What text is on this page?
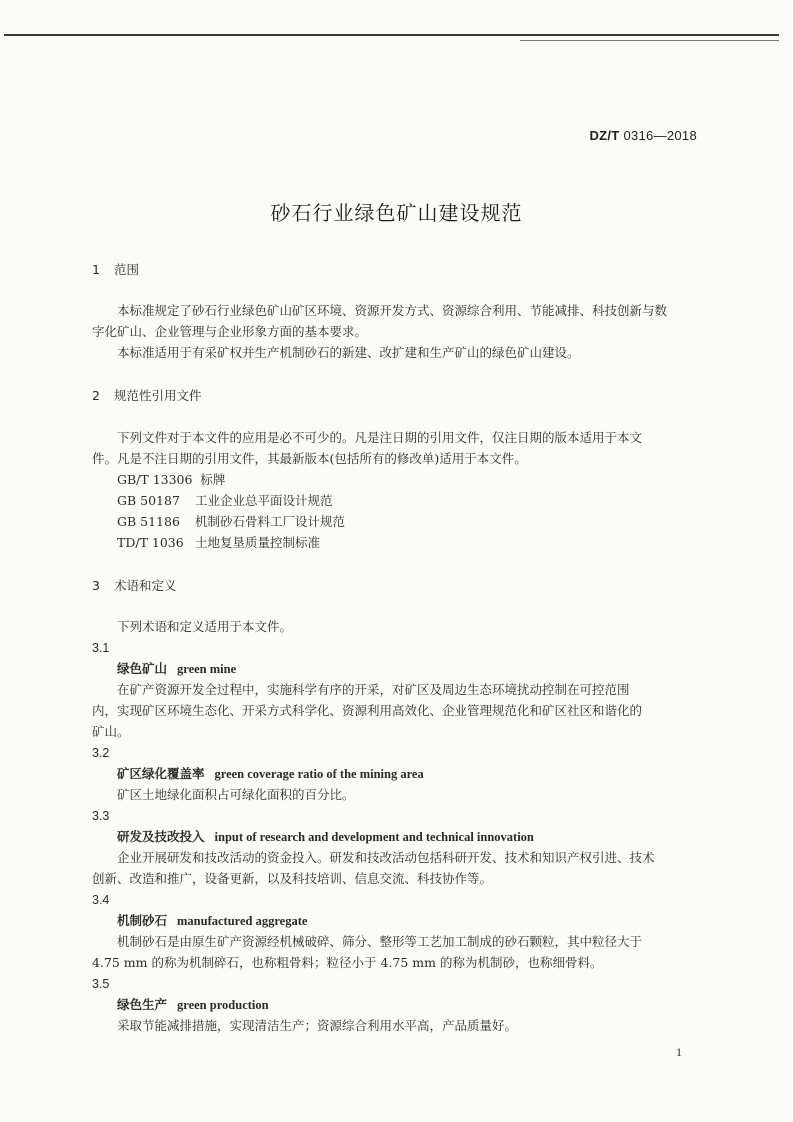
DZ/T 0316—2018
砂石行业绿色矿山建设规范
1 范围
本标准规定了砂石行业绿色矿山矿区环境、资源开发方式、资源综合利用、节能减排、科技创新与数
字化矿山、企业管理与企业形象方面的基本要求。
本标准适用于有采矿权并生产机制砂石的新建、改扩建和生产矿山的绿色矿山建设。
2 规范性引用文件
下列文件对于本文件的应用是必不可少的。凡是注日期的引用文件，仅注日期的版本适用于本文
件。凡是不注日期的引用文件，其最新版本(包括所有的修改单)适用于本文件。
GB/T 13306 标牌
GB 50187 工业企业总平面设计规范
GB 51186 机制砂石骨料工厂设计规范
TD/T 1036 土地复垦质量控制标准
3 术语和定义
下列术语和定义适用于本文件。
3.1
绿色矿山 green mine
在矿产资源开发全过程中，实施科学有序的开采，对矿区及周边生态环境扰动控制在可控范围
内，实现矿区环境生态化、开采方式科学化、资源利用高效化、企业管理规范化和矿区社区和谐化的
矿山。
3.2
矿区绿化覆盖率 green coverage ratio of the mining area
矿区土地绿化面积占可绿化面积的百分比。
3.3
研发及技改投入 input of research and development and technical innovation
企业开展研发和技改活动的资金投入。研发和技改活动包括科研开发、技术和知识产权引进、技术
创新、改造和推广，设备更新，以及科技培训、信息交流、科技协作等。
3.4
机制砂石 manufactured aggregate
机制砂石是由原生矿产资源经机械破碎、筛分、整形等工艺加工制成的砂石颗粒，其中粒径大于
4.75 mm 的称为机制碎石，也称粗骨料；粒径小于 4.75 mm 的称为机制砂，也称细骨料。
3.5
绿色生产 green production
采取节能减排措施，实现清洁生产；资源综合利用水平高，产品质量好。
1
